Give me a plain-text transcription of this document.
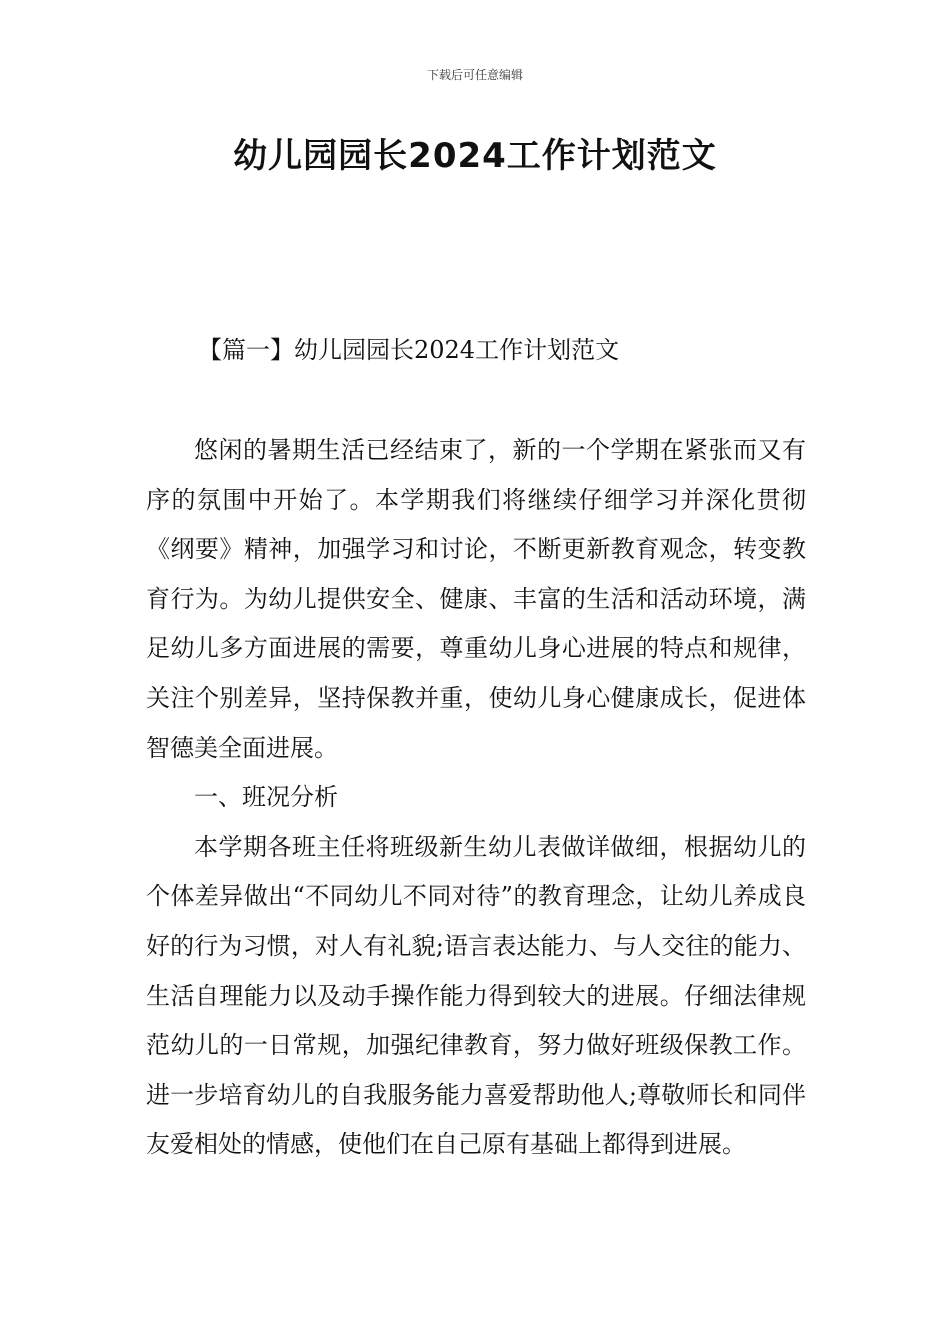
下载后可任意编辑
幼儿园园长2024工作计划范文
【篇一】幼儿园园长2024工作计划范文

悠闲的暑期生活已经结束了，新的一个学期在紧张而又有序的氛围中开始了。本学期我们将继续仔细学习并深化贯彻《纲要》精神，加强学习和讨论，不断更新教育观念，转变教育行为。为幼儿提供安全、健康、丰富的生活和活动环境，满足幼儿多方面进展的需要，尊重幼儿身心进展的特点和规律，关注个别差异，坚持保教并重，使幼儿身心健康成长，促进体智德美全面进展。

一、班况分析

本学期各班主任将班级新生幼儿表做详做细，根据幼儿的个体差异做出“不同幼儿不同对待”的教育理念，让幼儿养成良好的行为习惯，对人有礼貌;语言表达能力、与人交往的能力、生活自理能力以及动手操作能力得到较大的进展。仔细法律规范幼儿的一日常规，加强纪律教育，努力做好班级保教工作。进一步培育幼儿的自我服务能力喜爱帮助他人;尊敬师长和同伴友爱相处的情感，使他们在自己原有基础上都得到进展。
